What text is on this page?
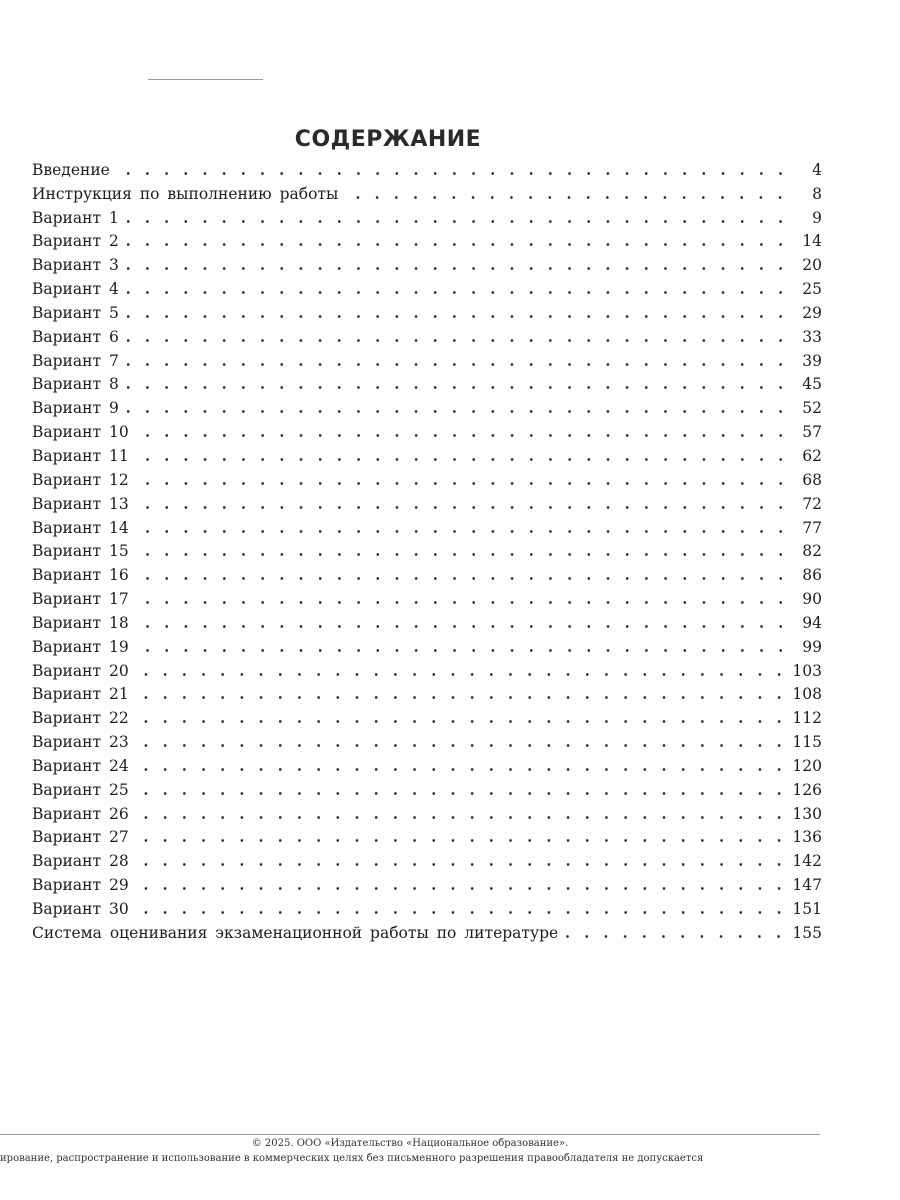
СОДЕРЖАНИЕ
Введение	4
Инструкция по выполнению работы	8
Вариант 1	9
Вариант 2	14
Вариант 3	20
Вариант 4	25
Вариант 5	29
Вариант 6	33
Вариант 7	39
Вариант 8	45
Вариант 9	52
Вариант 10	57
Вариант 11	62
Вариант 12	68
Вариант 13	72
Вариант 14	77
Вариант 15	82
Вариант 16	86
Вариант 17	90
Вариант 18	94
Вариант 19	99
Вариант 20	103
Вариант 21	108
Вариант 22	112
Вариант 23	115
Вариант 24	120
Вариант 25	126
Вариант 26	130
Вариант 27	136
Вариант 28	142
Вариант 29	147
Вариант 30	151
Система оценивания экзаменационной работы по литературе	155
© 2025. ООО «Издательство «Национальное образование».
ирование, распространение и использование в коммерческих целях без письменного разрешения правообладателя не допускается
